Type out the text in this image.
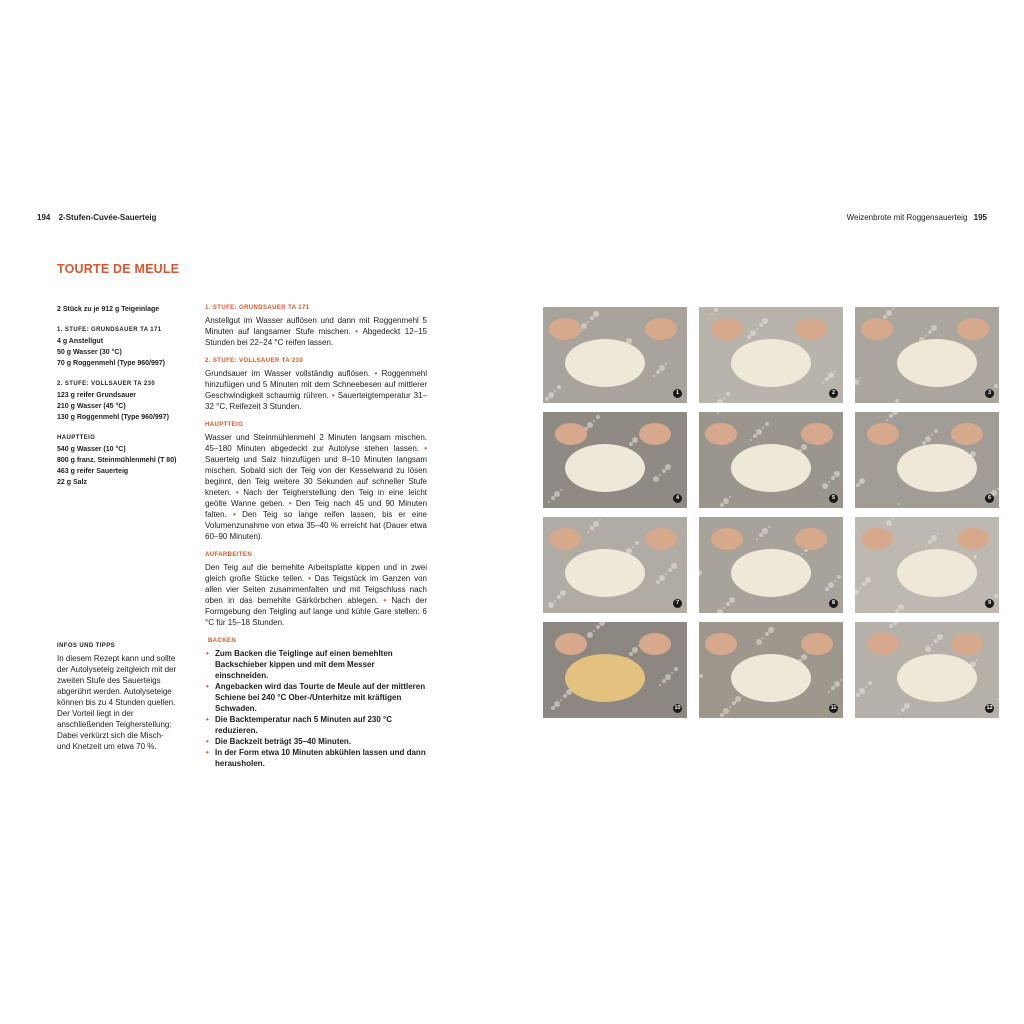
194 2-Stufen-Cuvée-Sauerteig	Weizenbrote mit Roggensauerteig 195
TOURTE DE MEULE
2 Stück zu je 912 g Teigeinlage
1. STUFE: GRUNDSAUER TA 171
4 g Anstellgut
50 g Wasser (30 °C)
70 g Roggenmehl (Type 960/997)
2. STUFE: VOLLSAUER TA 230
123 g reifer Grundsauer
210 g Wasser (45 °C)
130 g Roggenmehl (Type 960/997)
HAUPTTEIG
540 g Wasser (10 °C)
800 g franz. Steinmühlenmehl (T 80)
463 g reifer Sauerteig
22 g Salz
1. STUFE: GRUNDSAUER TA 171

Anstellgut im Wasser auflösen und dann mit Roggenmehl 5 Minuten auf langsamer Stufe mischen. • Abgedeckt 12–15 Stunden bei 22–24 °C reifen lassen.

2. STUFE: VOLLSAUER TA 230

Grundsauer im Wasser vollständig auflösen. • Roggenmehl hinzufügen und 5 Minuten mit dem Schneebesen auf mittlerer Geschwindigkeit schaumig rühren. • Sauerteigtemperatur 31–32 °C, Reifezeit 3 Stunden.

HAUPTTEIG

Wasser und Steinmühlenmehl 2 Minuten langsam mischen. 45–180 Minuten abgedeckt zur Autolyse stehen lassen. • Sauerteig und Salz hinzufügen und 8–10 Minuten langsam mischen. Sobald sich der Teig von der Kesselwand zu lösen beginnt, den Teig weitere 30 Sekunden auf schneller Stufe kneten. • Nach der Teigherstellung den Teig in eine leicht geölte Wanne geben. • Den Teig nach 45 und 90 Minuten falten. • Den Teig so lange reifen lassen, bis er eine Volumenzunahme von etwa 35–40 % erreicht hat (Dauer etwa 60–90 Minuten).

AUFARBEITEN

Den Teig auf die bemehlte Arbeitsplatte kippen und in zwei gleich große Stücke teilen. • Das Teigstück im Ganzen von allen vier Seiten zusammenfalten und mit Teigschluss nach oben in das bemehlte Gärkörbchen ablegen. • Nach der Formgebung den Teigling auf lange und kühle Gare stellen: 6 °C für 15–18 Stunden.

BACKEN
• Zum Backen die Teiglinge auf einen bemehlten Backschieber kippen und mit dem Messer einschneiden.
• Angebacken wird das Tourte de Meule auf der mittleren Schiene bei 240 °C Ober-/Unterhitze mit kräftigen Schwaden.
• Die Backtemperatur nach 5 Minuten auf 230 °C reduzieren.
• Die Backzeit beträgt 35–40 Minuten.
• In der Form etwa 10 Minuten abkühlen lassen und dann herausholen.
INFOS UND TIPPS
In diesem Rezept kann und sollte der Autolyseteig zeitgleich mit der zweiten Stufe des Sauerteigs abgerührt werden. Autolyseteige können bis zu 4 Stunden quellen. Der Vorteil liegt in der anschließenden Teigherstellung: Dabei verkürzt sich die Misch- und Knetzeit um etwa 70 %.
1	2	3
4	5	6
7	8	9
10	11	12
